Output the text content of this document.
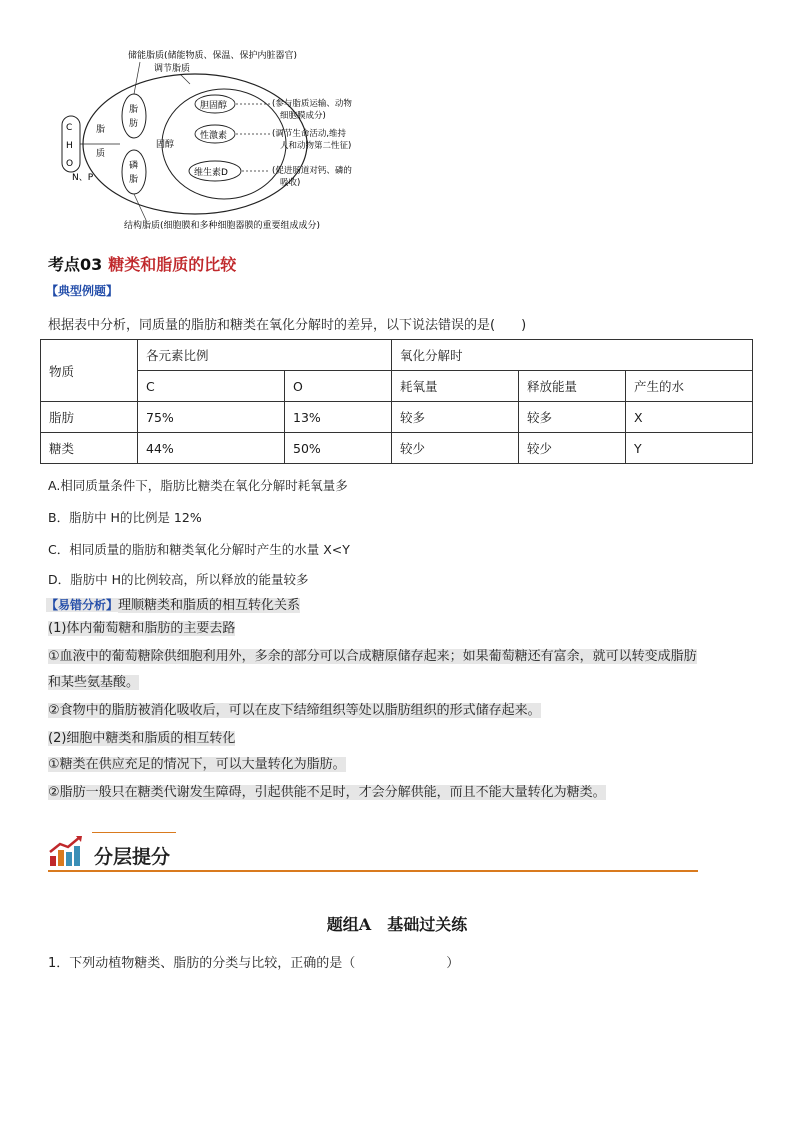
储能脂质(储能物质、保温、保护内脏器官)
调节脂质
C
H
O
N、P
脂
质
脂
肪
磷
脂
固醇
胆固醇
性激素
维生素D
(参与脂质运输、动物
细胞膜成分)
(调节生命活动,维持
人和动物第二性征)
(促进肠道对钙、磷的
吸收)
结构脂质(细胞膜和多种细胞器膜的重要组成成分)
考点03 糖类和脂质的比较
【典型例题】
根据表中分析，同质量的脂肪和糖类在氧化分解时的差异，以下说法错误的是(　　)
物质	各元素比例		氧化分解时		
	C	O	耗氧量	释放能量	产生的水
脂肪	75%	13%	较多	较多	X
糖类	44%	50%	较少	较少	Y
A.相同质量条件下，脂肪比糖类在氧化分解时耗氧量多
B．脂肪中 H的比例是 12%
C．相同质量的脂肪和糖类氧化分解时产生的水量 X<Y
D．脂肪中 H的比例较高，所以释放的能量较多
【易错分析】理顺糖类和脂质的相互转化关系
(1)体内葡萄糖和脂肪的主要去路
①血液中的葡萄糖除供细胞利用外，多余的部分可以合成糖原储存起来；如果葡萄糖还有富余，就可以转变成脂肪
和某些氨基酸。
②食物中的脂肪被消化吸收后，可以在皮下结缔组织等处以脂肪组织的形式储存起来。
(2)细胞中糖类和脂质的相互转化
①糖类在供应充足的情况下，可以大量转化为脂肪。
②脂肪一般只在糖类代谢发生障碍，引起供能不足时，才会分解供能，而且不能大量转化为糖类。
分层提分
题组A　基础过关练
1．下列动植物糖类、脂肪的分类与比较，正确的是（　　　　　　　）
